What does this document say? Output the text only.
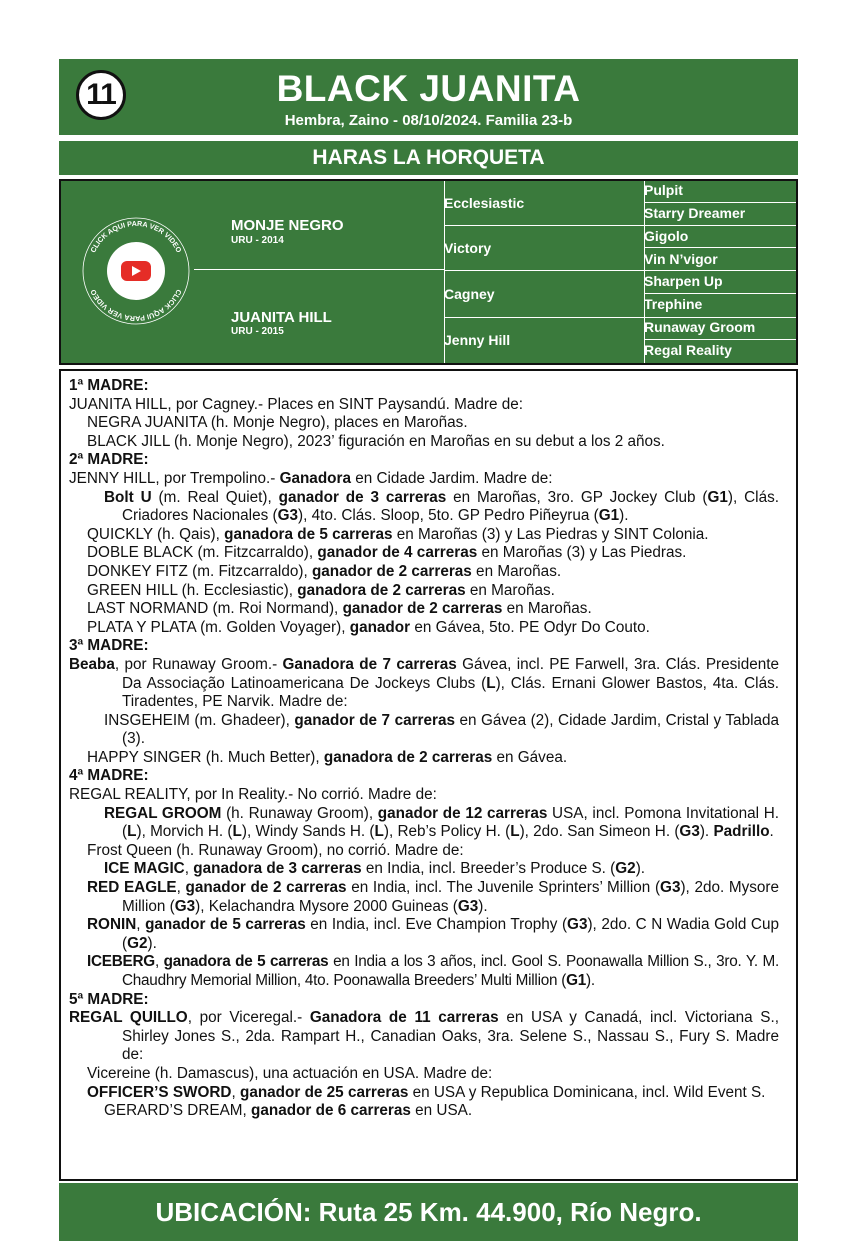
11	BLACK JUANITA
Hembra, Zaino - 08/10/2024. Familia 23-b
HARAS LA HORQUETA
CLICK AQUI PARA VER VIDEO
CLICK AQUI PARA VER VIDEO
MONJE NEGRO
URU - 2014
JUANITA HILL
URU - 2015
Ecclesiastic
Victory
Cagney
Jenny Hill
Pulpit
Starry Dreamer
Gigolo
Vin N’vigor
Sharpen Up
Trephine
Runaway Groom
Regal Reality

1ª MADRE:

JUANITA HILL, por Cagney.- Places en SINT Paysandú. Madre de:

NEGRA JUANITA (h. Monje Negro), places en Maroñas.

BLACK JILL (h. Monje Negro), 2023’ figuración en Maroñas en su debut a los 2 años.

2ª MADRE:

JENNY HILL, por Trempolino.- Ganadora en Cidade Jardim. Madre de:

Bolt U (m. Real Quiet), ganador de 3 carreras en Maroñas, 3ro. GP Jockey Club (G1), Clás. Criadores Nacionales (G3), 4to. Clás. Sloop, 5to. GP Pedro Piñeyrua (G1).

QUICKLY (h. Qais), ganadora de 5 carreras en Maroñas (3) y Las Piedras y SINT Colonia.

DOBLE BLACK (m. Fitzcarraldo), ganador de 4 carreras en Maroñas (3) y Las Piedras.

DONKEY FITZ (m. Fitzcarraldo), ganador de 2 carreras en Maroñas.

GREEN HILL (h. Ecclesiastic), ganadora de 2 carreras en Maroñas.

LAST NORMAND (m. Roi Normand), ganador de 2 carreras en Maroñas.

PLATA Y PLATA (m. Golden Voyager), ganador en Gávea, 5to. PE Odyr Do Couto.

3ª MADRE:

Beaba, por Runaway Groom.- Ganadora de 7 carreras Gávea, incl. PE Farwell, 3ra. Clás. Presidente Da Associação Latinoamericana De Jockeys Clubs (L), Clás. Ernani Glower Bastos, 4ta. Clás. Tiradentes, PE Narvik. Madre de:

INSGEHEIM (m. Ghadeer), ganador de 7 carreras en Gávea (2), Cidade Jardim, Cristal y Tablada (3).

HAPPY SINGER (h. Much Better), ganadora de 2 carreras en Gávea.

4ª MADRE:

REGAL REALITY, por In Reality.- No corrió. Madre de:

REGAL GROOM (h. Runaway Groom), ganador de 12 carreras USA, incl. Pomona Invitational H. (L), Morvich H. (L), Windy Sands H. (L), Reb’s Policy H. (L), 2do. San Simeon H. (G3). Padrillo.

Frost Queen (h. Runaway Groom), no corrió. Madre de:

ICE MAGIC, ganadora de 3 carreras en India, incl. Breeder’s Produce S. (G2).

RED EAGLE, ganador de 2 carreras en India, incl. The Juvenile Sprinters’ Million (G3), 2do. Mysore Million (G3), Kelachandra Mysore 2000 Guineas (G3).

RONIN, ganador de 5 carreras en India, incl. Eve Champion Trophy (G3), 2do. C N Wadia Gold Cup (G2).

ICEBERG, ganadora de 5 carreras en India a los 3 años, incl. Gool S. Poonawalla Million S., 3ro. Y. M. Chaudhry Memorial Million, 4to. Poonawalla Breeders’ Multi Million (G1).

5ª MADRE:

REGAL QUILLO, por Viceregal.- Ganadora de 11 carreras en USA y Canadá, incl. Victoriana S., Shirley Jones S., 2da. Rampart H., Canadian Oaks, 3ra. Selene S., Nassau S., Fury S. Madre de:

Vicereine (h. Damascus), una actuación en USA. Madre de:

OFFICER’S SWORD, ganador de 25 carreras en USA y Republica Dominicana, incl. Wild Event S.

GERARD’S DREAM, ganador de 6 carreras en USA.

UBICACIÓN: Ruta 25 Km. 44.900, Río Negro.
